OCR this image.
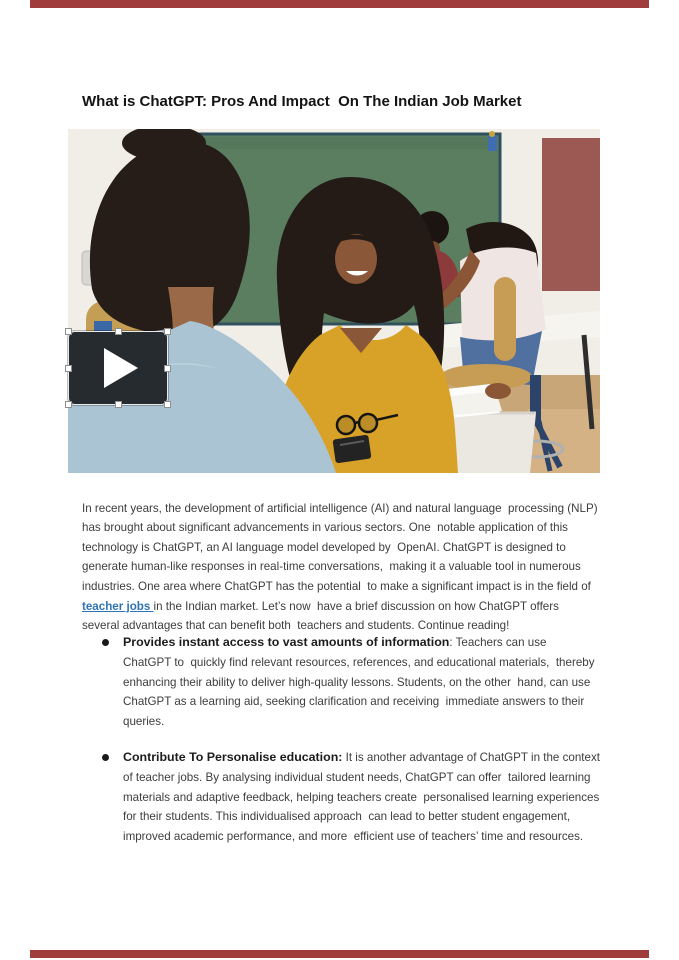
What is ChatGPT: Pros And Impact  On The Indian Job Market

In recent years, the development of artificial intelligence (AI) and natural language  processing (NLP) has brought about significant advancements in various sectors. One  notable application of this technology is ChatGPT, an AI language model developed by  OpenAI. ChatGPT is designed to generate human-like responses in real-time conversations,  making it a valuable tool in numerous industries. One area where ChatGPT has the potential  to make a significant impact is in the field of teacher jobs in the Indian market. Let’s now  have a brief discussion on how ChatGPT offers several advantages that can benefit both  teachers and students. Continue reading!

Provides instant access to vast amounts of information: Teachers can use  ChatGPT to  quickly find relevant resources, references, and educational materials,  thereby enhancing their ability to deliver high-quality lessons. Students, on the other  hand, can use ChatGPT as a learning aid, seeking clarification and receiving  immediate answers to their queries.
Contribute To Personalise education: It is another advantage of ChatGPT in the context of teacher jobs. By analysing individual student needs, ChatGPT can offer  tailored learning materials and adaptive feedback, helping teachers create  personalised learning experiences for their students. This individualised approach  can lead to better student engagement, improved academic performance, and more  efficient use of teachers’ time and resources.
